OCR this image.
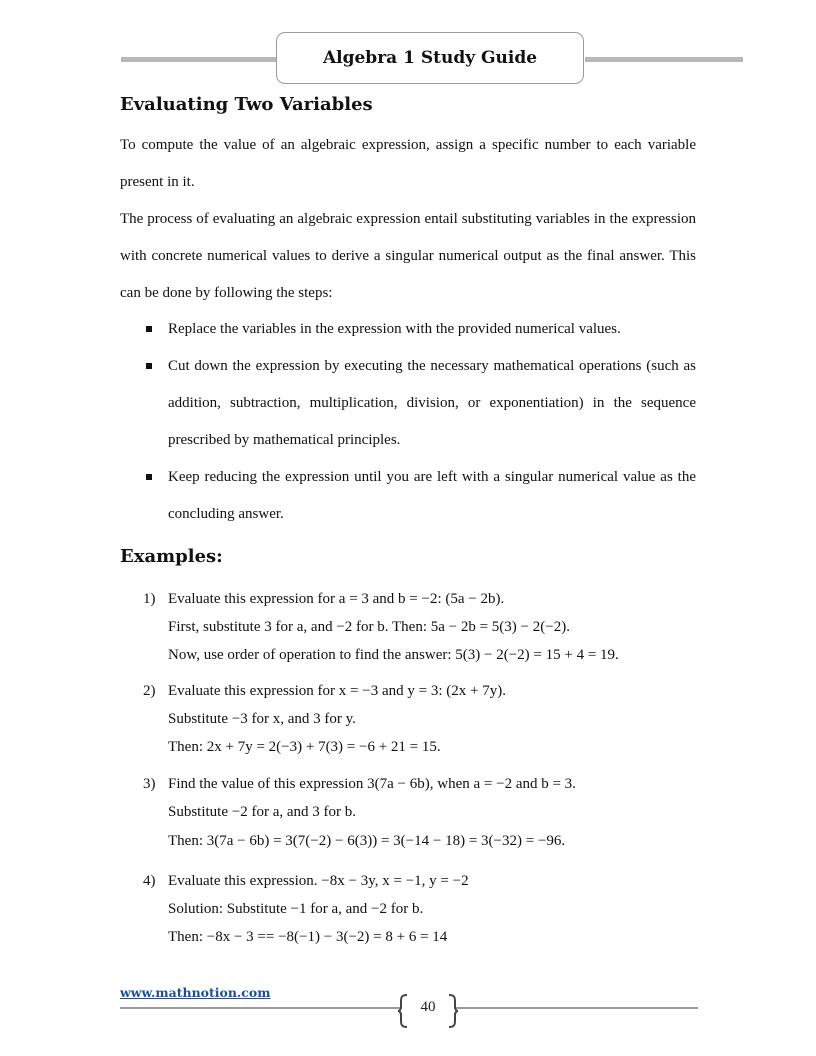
Algebra 1 Study Guide
Evaluating Two Variables

To compute the value of an algebraic expression, assign a specific number to each variable present in it.

The process of evaluating an algebraic expression entail substituting variables in the expression with concrete numerical values to derive a singular numerical output as the final answer. This can be done by following the steps:

Replace the variables in the expression with the provided numerical values.

Cut down the expression by executing the necessary mathematical operations (such as addition, subtraction, multiplication, division, or exponentiation) in the sequence prescribed by mathematical principles.

Keep reducing the expression until you are left with a singular numerical value as the concluding answer.

Examples:
1) Evaluate this expression for a = 3 and b = −2: (5a − 2b).
First, substitute 3 for a, and −2 for b. Then: 5a − 2b = 5(3) − 2(−2).
Now, use order of operation to find the answer: 5(3) − 2(−2) = 15 + 4 = 19.
2) Evaluate this expression for x = −3 and y = 3: (2x + 7y).
Substitute −3 for x, and 3 for y.
Then: 2x + 7y = 2(−3) + 7(3) = −6 + 21 = 15.
3) Find the value of this expression 3(7a − 6b), when a = −2 and b = 3.
Substitute −2 for a, and 3 for b.
Then: 3(7a − 6b) = 3(7(−2) − 6(3)) = 3(−14 − 18) = 3(−32) = −96.
4) Evaluate this expression. −8x − 3y, x = −1, y = −2
Solution: Substitute −1 for a, and −2 for b.
Then: −8x − 3 == −8(−1) − 3(−2) = 8 + 6 = 14
www.mathnotion.com
40
